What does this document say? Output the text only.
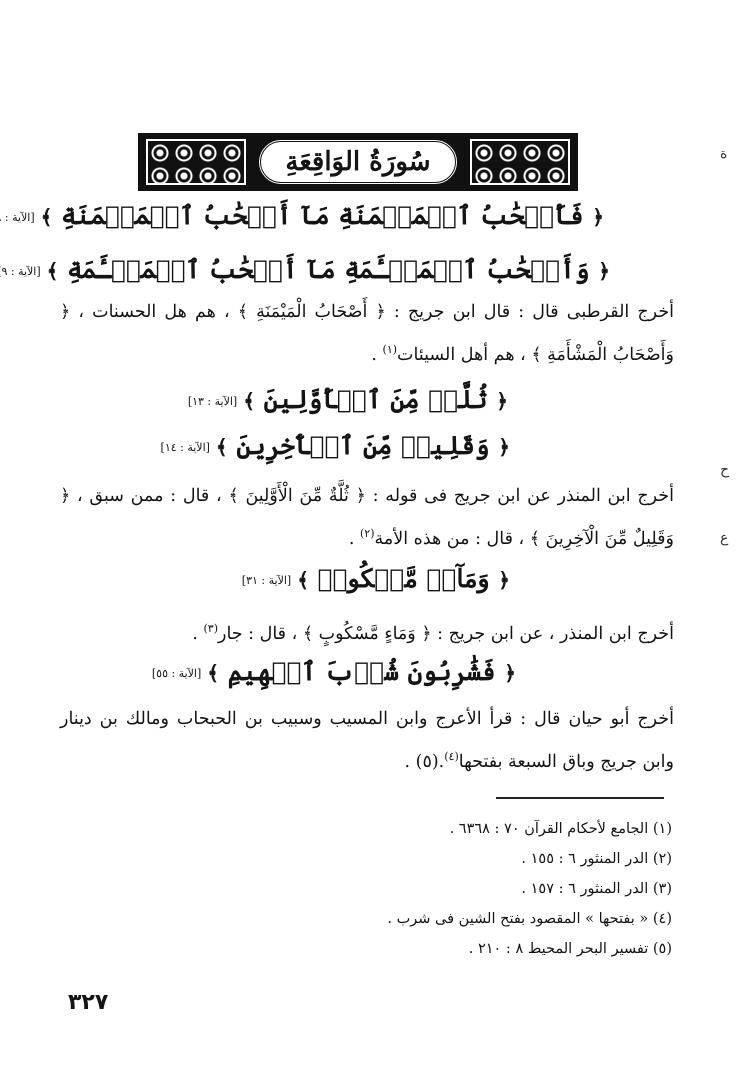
سُورَةُ الوَاقِعَةِ
﴿ فَأَصۡحَٰبُ ٱلۡمَيۡمَنَةِ مَآ أَصۡحَٰبُ ٱلۡمَيۡمَنَةِ ﴾[الآية :
﴿ وَأَصۡحَٰبُ ٱلۡمَشۡـَٔمَةِ مَآ أَصۡحَٰبُ ٱلۡمَشۡـَٔمَةِ ﴾[الآية : ٩
أخرج القرطبى قال : قال ابن جريج : ﴿ أَصْحَابُ الْمَيْمَنَةِ ﴾ ، هم هل الحسنات ، ﴿ وَأَصْحَابُ الْمَشْأَمَةِ ﴾ ، هم أهل السيئات$^{(١)}$ .
﴿ ثُلَّةٞ مِّنَ ٱلۡأَوَّلِينَ ﴾[الآية : ١٣]
﴿ وَقَلِيلٞ مِّنَ ٱلۡأٓخِرِينَ ﴾[الآية : ١٤]
أخرج ابن المنذر عن ابن جريج فى قوله : ﴿ ثُلَّةٌ مِّنَ الْأَوَّلِينَ ﴾ ، قال : ممن سبق ، ﴿ وَقَلِيلٌ مِّنَ الْآخِرِينَ ﴾ ، قال : من هذه الأمة$^{(٢)}$ .
﴿ وَمَآءٖ مَّسۡكُوبٖ ﴾[الآية : ٣١]
أخرج ابن المنذر ، عن ابن جريج : ﴿ وَمَاءٍ مَّسْكُوبٍ ﴾ ، قال : جار$^{(٣)}$ .
﴿ فَشَٰرِبُونَ شُرۡبَ ٱلۡهِيمِ ﴾[الآية : ٥٥]
أخرج أبو حيان قال : قرأ الأعرج وابن المسيب وسبيب بن الحبحاب ومالك بن دينار وابن جريج وباق السبعة بفتحها$^{(٤)}$.(٥) .
(١) الجامع لأحكام القرآن ٧٠ : ٦٣٦٨ .
(٢) الدر المنثور ٦ : ١٥٥ .
(٣) الدر المنثور ٦ : ١٥٧ .
(٤) « بفتحها » المقصود بفتح الشين فى شرب .
(٥) تفسير البحر المحيط ٨ : ٢١٠ .
٣٢٧
ة
ح
ع
